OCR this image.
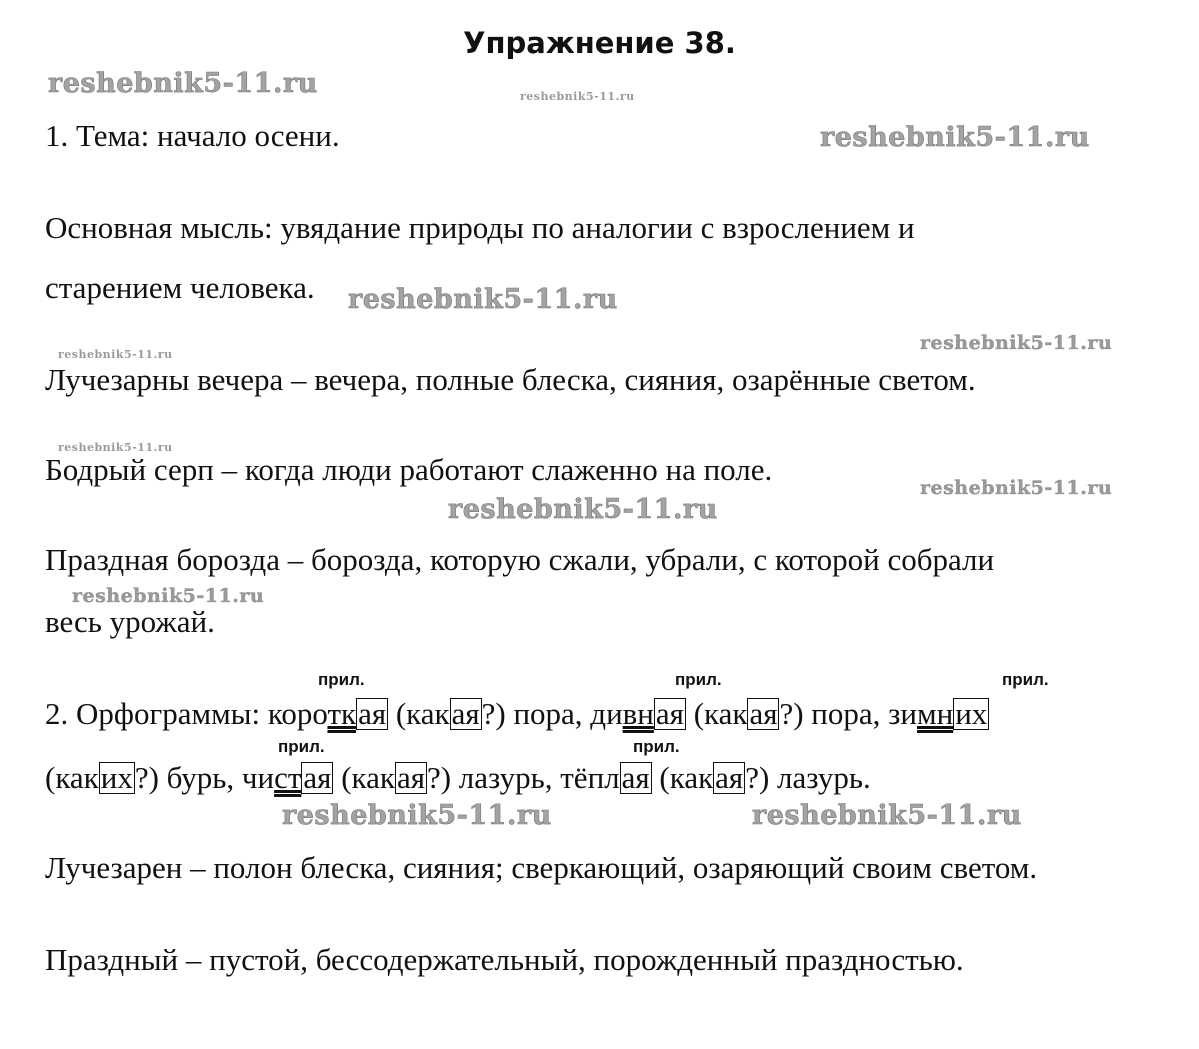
Упражнение 38.
reshebnik5-11.ru	reshebnik5-11.ru
reshebnik5-11.ru
reshebnik5-11.ru
reshebnik5-11.ru
reshebnik5-11.ru
reshebnik5-11.ru
reshebnik5-11.ru
reshebnik5-11.ru
reshebnik5-11.ru
reshebnik5-11.ru	reshebnik5-11.ru
1. Тема: начало осени.
Основная мысль: увядание природы по аналогии с взрослением и
старением человека.
Лучезарны вечера – вечера, полные блеска, сияния, озарённые светом.
Бодрый серп – когда люди работают слаженно на поле.
Праздная борозда – борозда, которую сжали, убрали, с которой собрали
весь урожай.
прил.	прил.	прил.
прил.	прил.
2. Орфограммы: короткая (какая?) пора, дивная (какая?) пора, зимних
(каких?) бурь, чистая (какая?) лазурь, тёплая (какая?) лазурь.
Лучезарен – полон блеска, сияния; сверкающий, озаряющий своим светом.
Праздный – пустой, бессодержательный, порожденный праздностью.
